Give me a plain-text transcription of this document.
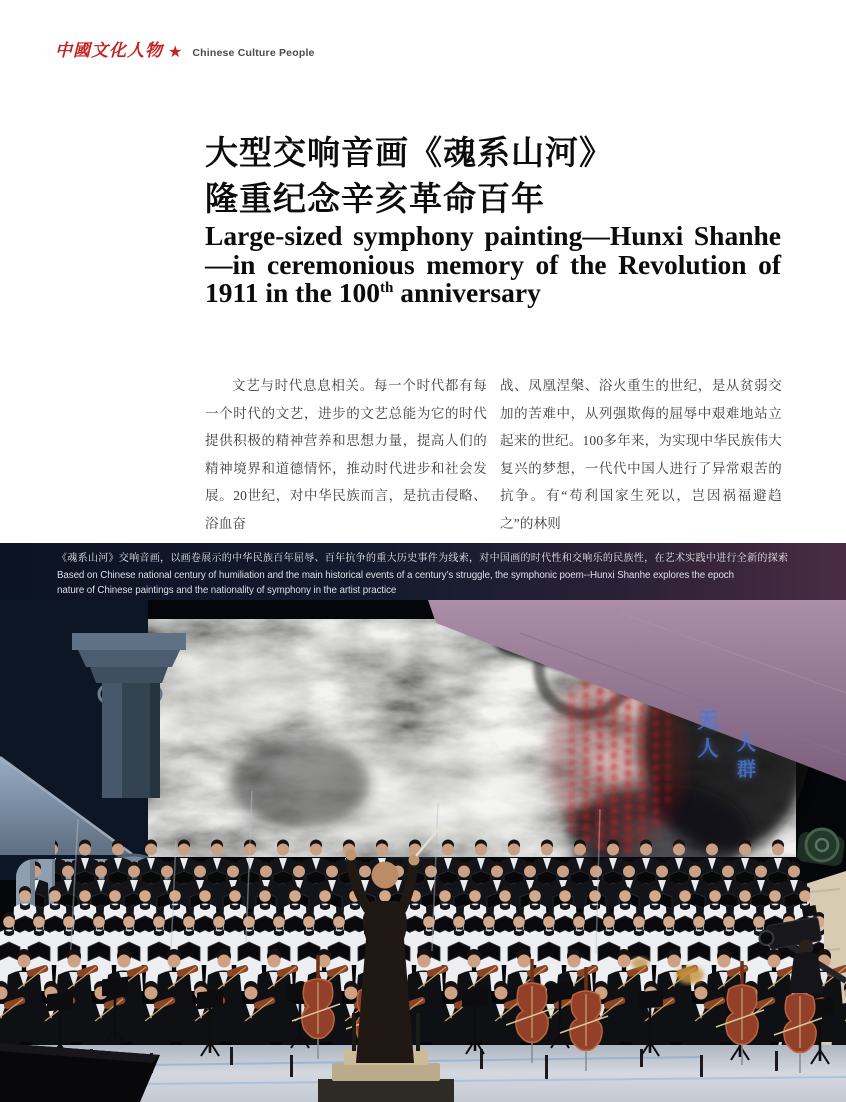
中國文化人物 ★ Chinese Culture People
大型交响音画《魂系山河》
隆重纪念辛亥革命百年
Large-sized symphony painting—Hunxi Shanhe—in ceremonious memory of the Revolution of 1911 in the 100th anniversary
文艺与时代息息相关。每一个时代都有每一个时代的文艺，进步的文艺总能为它的时代提供积极的精神营养和思想力量，提高人们的精神境界和道德情怀，推动时代进步和社会发展。20世纪，对中华民族而言，是抗击侵略、浴血奋
战、凤凰涅槃、浴火重生的世纪，是从贫弱交加的苦难中，从列强欺侮的屈辱中艰难地站立起来的世纪。100多年来，为实现中华民族伟大复兴的梦想，一代代中国人进行了异常艰苦的抗争。有“苟利国家生死以，岂因祸福避趋之”的林则
《魂系山河》交响音画，以画卷展示的中华民族百年屈辱、百年抗争的重大历史事件为线索，对中国画的时代性和交响乐的民族性，在艺术实践中进行全新的探索
Based on Chinese national century of humiliation and the main historical events of a century’s struggle, the symphonic poem--Hunxi Shanhe explores the epoch
nature of Chinese paintings and the nationality of symphony in the artist practice
无人 人群
